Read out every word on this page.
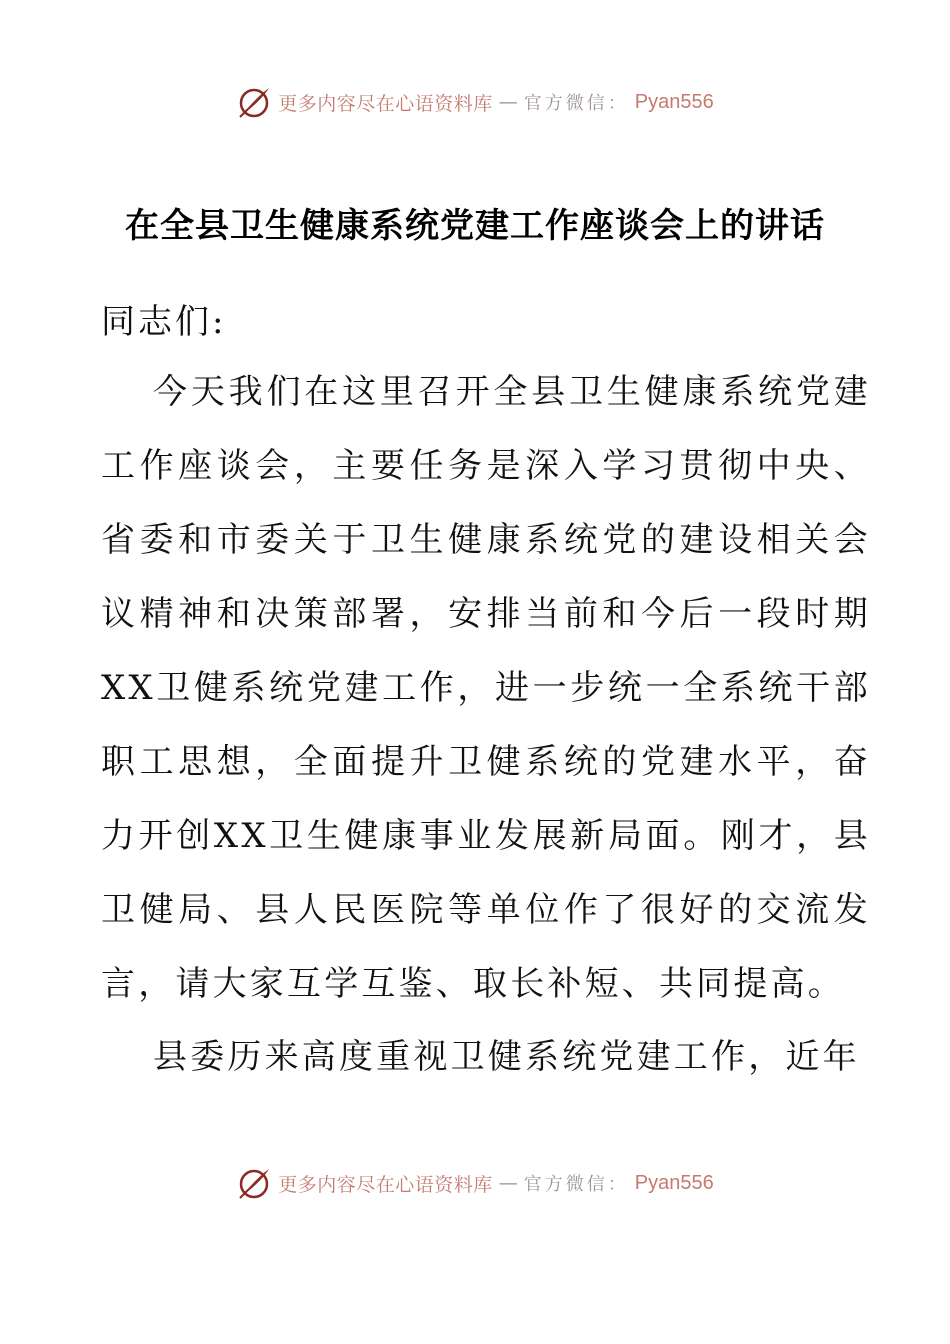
更多内容尽在心语资料库 — 官方微信： Pyan556
在全县卫生健康系统党建工作座谈会上的讲话
同志们:

今天我们在这里召开全县卫生健康系统党建工作座谈会，主要任务是深入学习贯彻中央、省委和市委关于卫生健康系统党的建设相关会议精神和决策部署，安排当前和今后一段时期XX卫健系统党建工作，进一步统一全系统干部职工思想，全面提升卫健系统的党建水平，奋力开创XX卫生健康事业发展新局面。刚才，县卫健局、县人民医院等单位作了很好的交流发言，请大家互学互鉴、取长补短、共同提高。

县委历来高度重视卫健系统党建工作，近年

更多内容尽在心语资料库 — 官方微信： Pyan556
